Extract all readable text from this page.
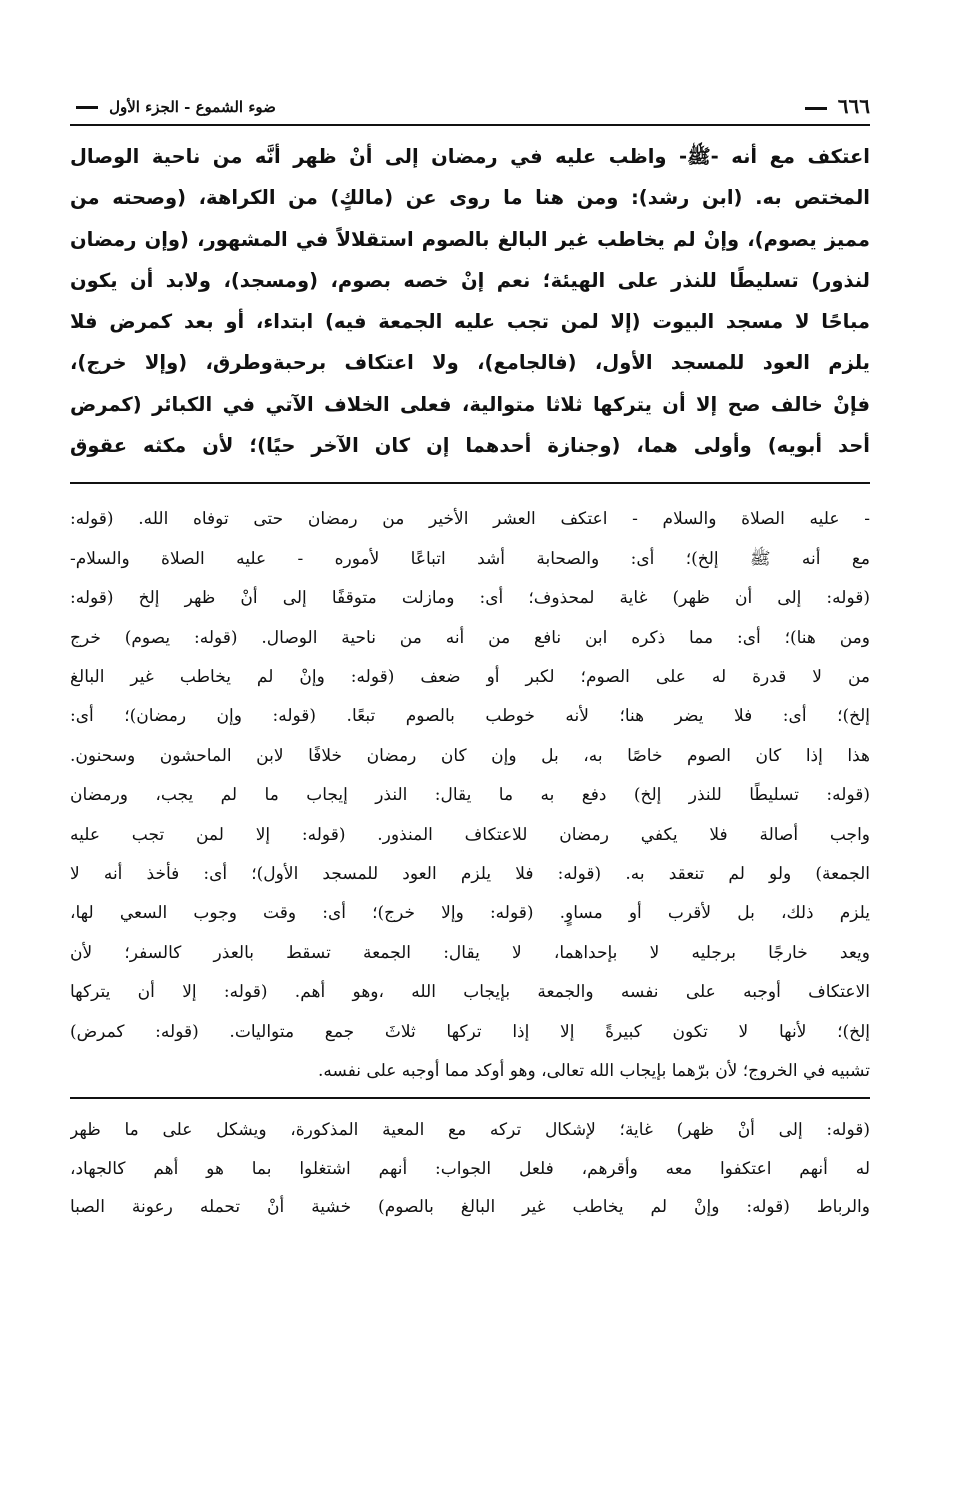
٦٦٦
ضوء الشموع - الجزء الأول
اعتكف مع أنه -ﷺ- واظب عليه في رمضان إلى أنْ ظهر أنَّه من ناحية الوصال
المختص به. (ابن رشد): ومن هنا ما روى عن (مالكٍ) من الكراهة، (وصحته من
مميز يصوم)، وإنْ لم يخاطب غير البالغ بالصوم استقلالاً في المشهور، (وإن رمضان
لنذور) تسليطًا للنذر على الهيئة؛ نعم إنْ خصه بصوم، (ومسجد)، ولابد أن يكون
مباحًا لا مسجد البيوت (إلا لمن تجب عليه الجمعة فيه) ابتداء، أو بعد كمرض فلا
يلزم العود للمسجد الأول، (فالجامع)، ولا اعتكاف برحبةوطرق، (وإلا خرج)،
فإنْ خالف صح إلا أن يتركها ثلاثا متوالية، فعلى الخلاف الآتي في الكبائر (كمرض
أحد أبويه) وأولى هما، (وجنازة أحدهما إن كان الآخر حيًا)؛ لأن مكثه عقوق
- عليه الصلاة والسلام - اعتكف العشر الأخير من رمضان حتى توفاه الله. (قوله:
مع أنه ﷺ إلخ)؛ أى: والصحابة أشد اتباعًا لأموره - عليه الصلاة والسلام-
(قوله: إلى أن ظهر) غاية لمحذوف؛ أى: ومازلت متوقفًا إلى أنْ ظهر إلخ (قوله:
ومن هنا)؛ أى: مما ذكره ابن نافع من أنه من ناحية الوصال. (قوله: يصوم) خرج
من لا قدرة له على الصوم؛ لكبر أو ضعف (قوله: وإنْ لم يخاطب غير البالغ
إلخ)؛ أى: فلا يضر هنا؛ لأنه خوطب بالصوم تبعًا. (قوله: وإن رمضان)؛ أى:
هذا إذا كان الصوم خاصًا به، بل وإن كان رمضان خلافًا لابن الماحشون وسحنون.
(قوله: تسليطًا للنذر إلخ) دفع به ما يقال: النذر إيجاب ما لم يجب، ورمضان
واجب أصالة فلا يكفي رمضان للاعتكاف المنذور. (قوله: إلا لمن تجب عليه
الجمعة) ولو لم تنعقد به. (قوله: فلا يلزم العود للمسجد الأول)؛ أى: فأخذ أنه لا
يلزم ذلك، بل لأقرب أو مساوٍ. (قوله: وإلا خرج)؛ أى: وقت وجوب السعي لها،
ويعد خارجًا برجليه لا بإحداهما، لا يقال: الجمعة تسقط بالعذر كالسفر؛ لأن
الاعتكاف أوجبه على نفسه والجمعة بإيجاب الله ،وهو أهم. (قوله: إلا أن يتركها
إلخ)؛ لأنها لا تكون كبيرةً إلا إذا تركها ثلاثَ جمع متواليات. (قوله: كمرض)
تشبيه في الخروج؛ لأن برّهما بإيجاب الله تعالى، وهو أوكد مما أوجبه على نفسه.
(قوله: إلى أنْ ظهر) غاية؛ لإشكال تركه مع المعية المذكورة، ويشكل على ما ظهر
له أنهم اعتكفوا معه وأقرهم، فلعل الجواب: أنهم اشتغلوا بما هو أهم كالجهاد،
والرباط (قوله: وإنْ لم يخاطب غير البالغ بالصوم) خشية أنْ تحمله رعونة الصبا
